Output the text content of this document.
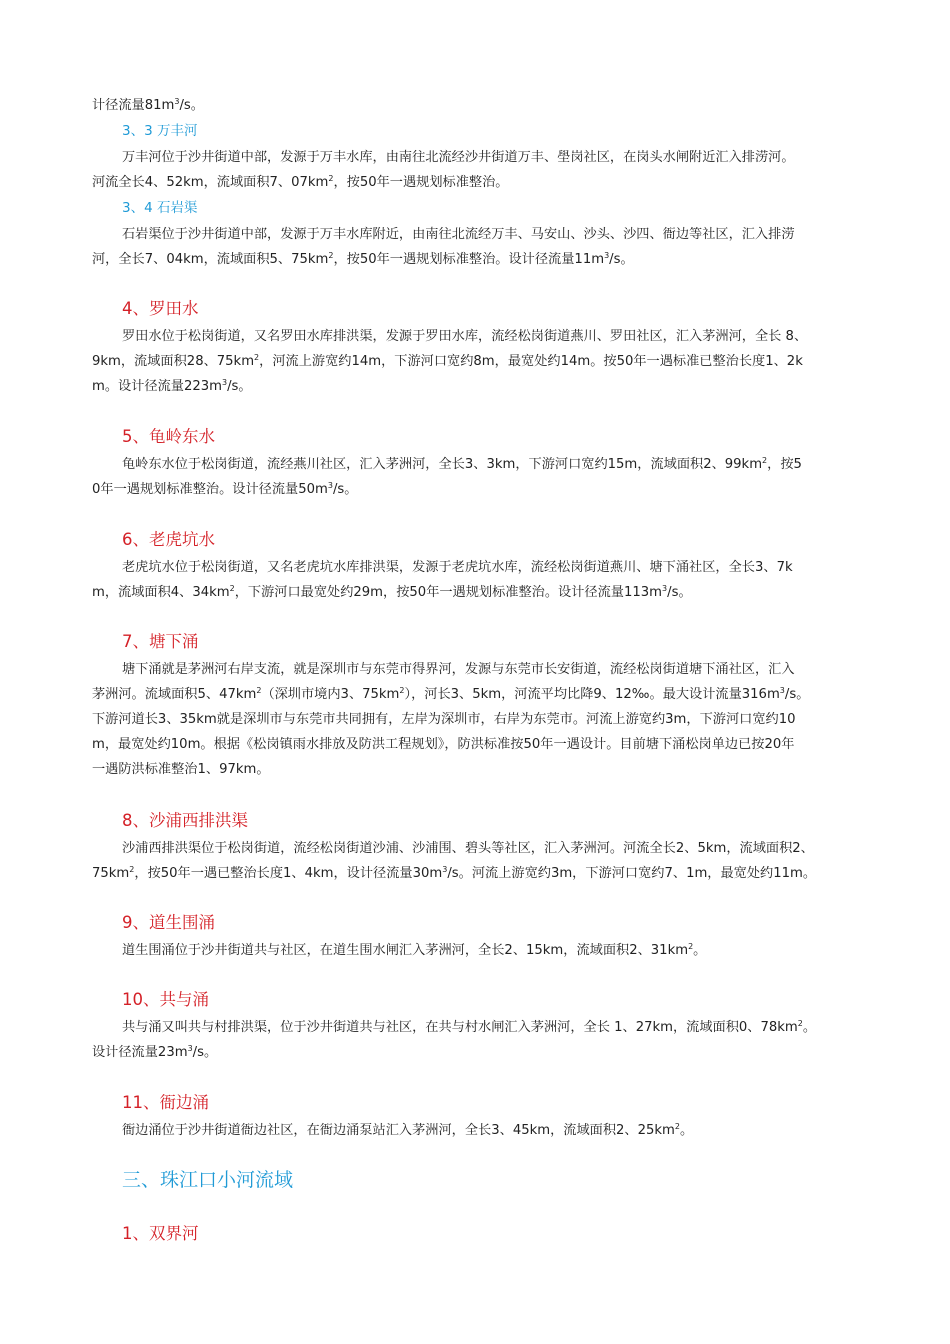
计径流量$81m^3/s$。
3、3 万丰河
万丰河位于沙井街道中部，发源于万丰水库，由南往北流经沙井街道万丰、壆岗社区，在岗头水闸附近汇入排涝河。
河流全长4、52km，流域面积7、$07km^2$，按50年一遇规划标准整治。
3、4 石岩渠
石岩渠位于沙井街道中部，发源于万丰水库附近，由南往北流经万丰、马安山、沙头、沙四、衙边等社区，汇入排涝
河，全长7、04km，流域面积5、$75km^2$，按50年一遇规划标准整治。设计径流量$11m^3/s$。
4、罗田水
罗田水位于松岗街道，又名罗田水库排洪渠，发源于罗田水库，流经松岗街道燕川、罗田社区，汇入茅洲河，全长 8、
9km，流域面积28、$75km^2$，河流上游宽约14m，下游河口宽约8m，最宽处约14m。按50年一遇标准已整治长度1、2k
m。设计径流量$223m^3/s$。
5、龟岭东水
龟岭东水位于松岗街道，流经燕川社区，汇入茅洲河，全长3、3km，下游河口宽约15m，流域面积2、$99km^2$，按5
0年一遇规划标准整治。设计径流量$50m^3/s$。
6、老虎坑水
老虎坑水位于松岗街道，又名老虎坑水库排洪渠，发源于老虎坑水库，流经松岗街道燕川、塘下涌社区，全长3、7k
m，流域面积4、$34km^2$，下游河口最宽处约29m，按50年一遇规划标准整治。设计径流量$113m^3/s$。
7、塘下涌
塘下涌就是茅洲河右岸支流，就是深圳市与东莞市得界河，发源与东莞市长安街道，流经松岗街道塘下涌社区，汇入
茅洲河。流域面积5、$47km^2$（深圳市境内3、$75km^2$），河长3、5km，河流平均比降9、12‰。最大设计流量$316m^3/s$。
下游河道长3、35km就是深圳市与东莞市共同拥有，左岸为深圳市，右岸为东莞市。河流上游宽约3m，下游河口宽约10
m，最宽处约10m。根据《松岗镇雨水排放及防洪工程规划》，防洪标准按50年一遇设计。目前塘下涌松岗单边已按20年
一遇防洪标准整治1、97km。
8、沙浦西排洪渠
沙浦西排洪渠位于松岗街道，流经松岗街道沙浦、沙浦围、碧头等社区，汇入茅洲河。河流全长2、5km，流域面积2、
$75km^2$，按50年一遇已整治长度1、4km，设计径流量$30m^3/s$。河流上游宽约3m，下游河口宽约7、1m，最宽处约11m。
9、道生围涌
道生围涌位于沙井街道共与社区，在道生围水闸汇入茅洲河，全长2、15km，流域面积2、$31km^2$。
10、共与涌
共与涌又叫共与村排洪渠，位于沙井街道共与社区，在共与村水闸汇入茅洲河，全长 1、27km，流域面积0、$78km^2$。
设计径流量$23m^3/s$。
11、衙边涌
衙边涌位于沙井街道衙边社区，在衙边涌泵站汇入茅洲河，全长3、45km，流域面积2、$25km^2$。
三、珠江口小河流域
1、双界河
